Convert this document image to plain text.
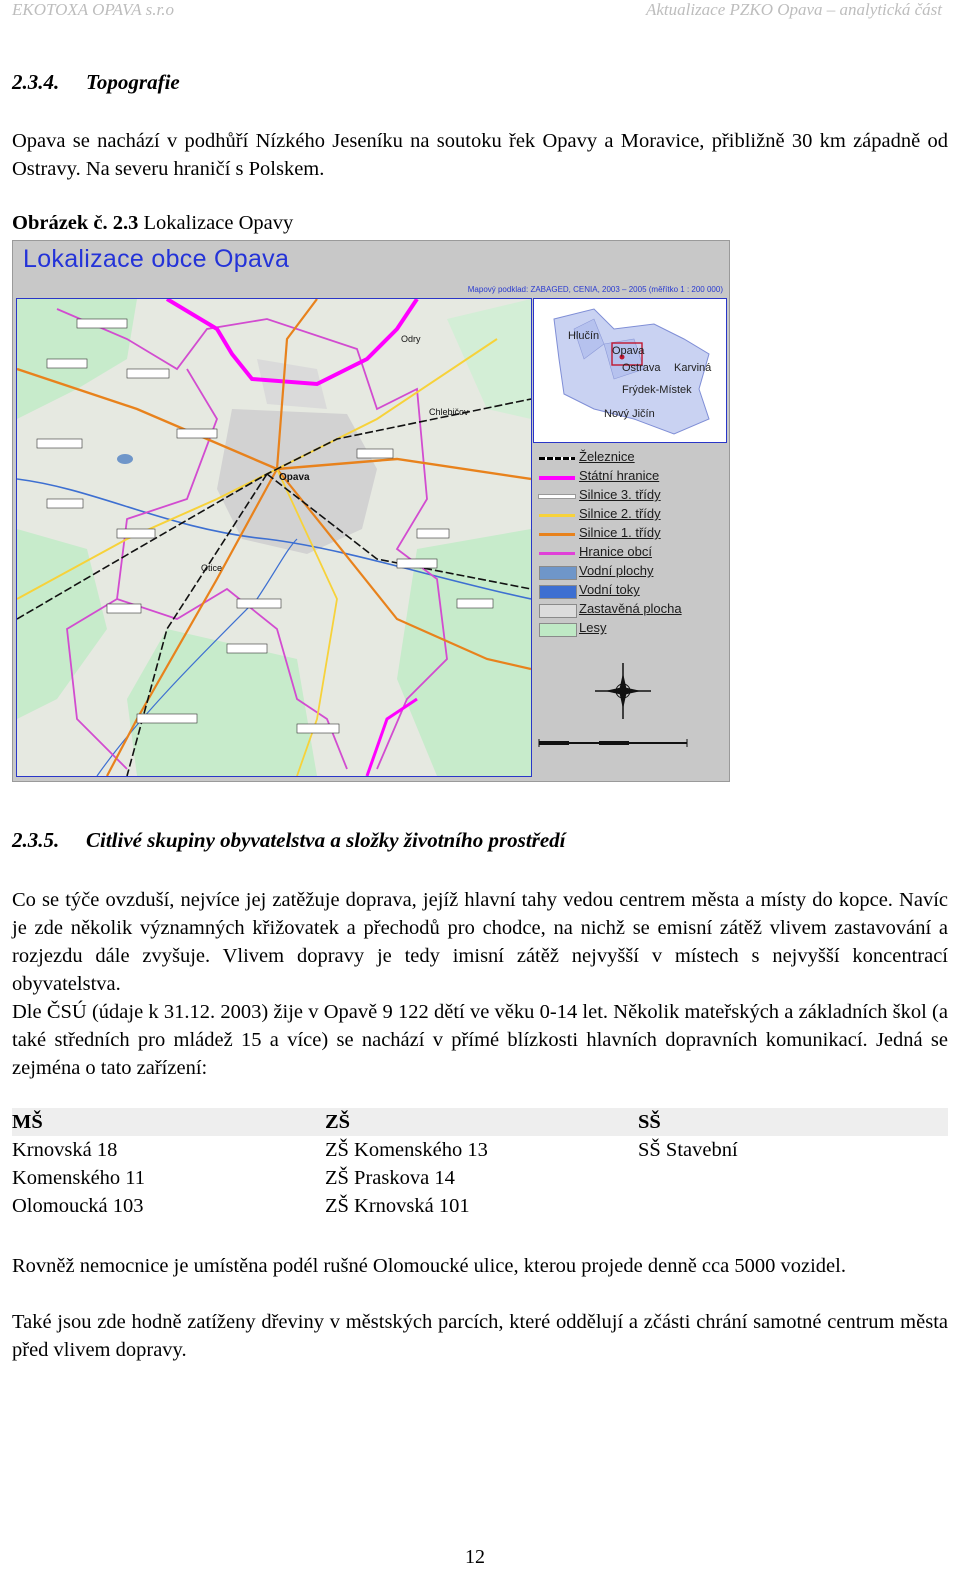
EKOTOXA OPAVA s.r.o	Aktualizace PZKO Opava – analytická část
2.3.4. Topografie
Opava se nachází v podhůří Nízkého Jeseníku na soutoku řek Opavy a Moravice, přibližně 30 km západně od Ostravy. Na severu hraničí s Polskem.
Obrázek č. 2.3 Lokalizace Opavy
Lokalizace obce Opava
Mapový podklad: ZABAGED, CENIA, 2003 – 2005 (měřítko 1 : 200 000)
Opava
Chlebičov
Otice
Odry	Hlučín
Opava
Ostrava Karviná
Frýdek-Místek
Nový Jičín
Železnice
Státní hranice
Silnice 3. třídy
Silnice 2. třídy
Silnice 1. třídy
Hranice obcí
Vodní plochy
Vodní toky
Zastavěná plocha
Lesy
2.3.5. Citlivé skupiny obyvatelstva a složky životního prostředí
Co se týče ovzduší, nejvíce jej zatěžuje doprava, jejíž hlavní tahy vedou centrem města a místy do kopce. Navíc je zde několik významných křižovatek a přechodů pro chodce, na nichž se emisní zátěž vlivem zastavování a rozjezdu dále zvyšuje. Vlivem dopravy je tedy imisní zátěž nejvyšší v místech s nejvyšší koncentrací obyvatelstva.
Dle ČSÚ (údaje k 31.12. 2003) žije v Opavě 9 122 dětí ve věku 0-14 let. Několik mateřských a základních škol (a také středních pro mládež 15 a více) se nachází v přímé blízkosti hlavních dopravních komunikací. Jedná se zejména o tato zařízení:
MŠ	ZŠ	SŠ
Krnovská 18	ZŠ Komenského 13	SŠ Stavební
Komenského 11	ZŠ Praskova 14	
Olomoucká 103	ZŠ Krnovská 101	
Rovněž nemocnice je umístěna podél rušné Olomoucké ulice, kterou projede denně cca 5000 vozidel.
Také jsou zde hodně zatíženy dřeviny v městských parcích, které oddělují a zčásti chrání samotné centrum města před vlivem dopravy.
12
